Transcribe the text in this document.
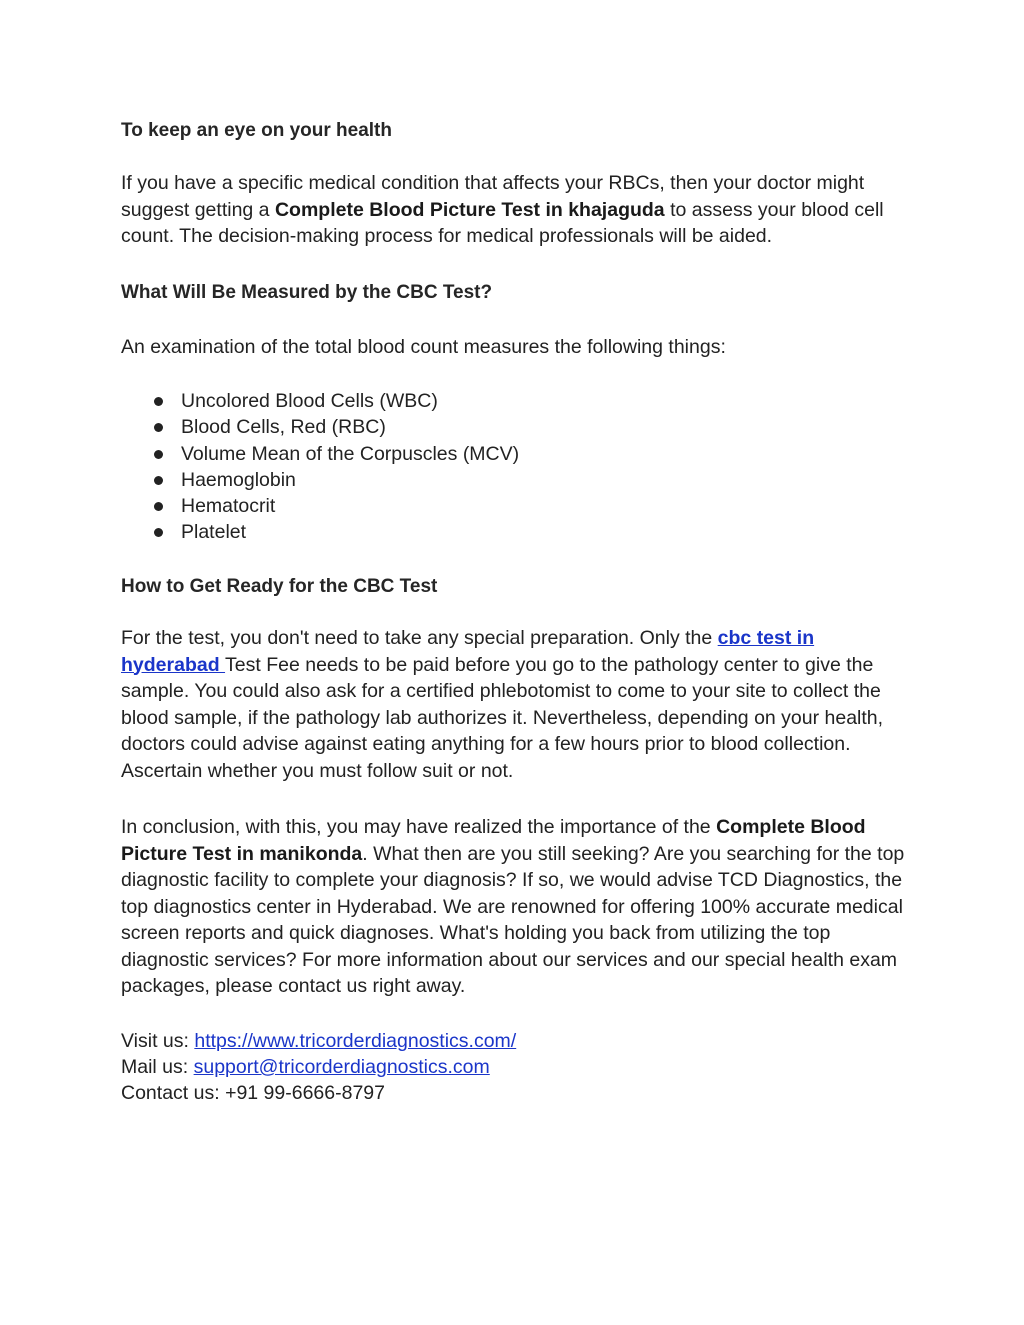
To keep an eye on your health
If you have a specific medical condition that affects your RBCs, then your doctor might suggest getting a Complete Blood Picture Test in khajaguda to assess your blood cell count. The decision-making process for medical professionals will be aided.
What Will Be Measured by the CBC Test?
An examination of the total blood count measures the following things:
Uncolored Blood Cells (WBC)
Blood Cells, Red (RBC)
Volume Mean of the Corpuscles (MCV)
Haemoglobin
Hematocrit
Platelet
How to Get Ready for the CBC Test
For the test, you don't need to take any special preparation. Only the cbc test in hyderabad Test Fee needs to be paid before you go to the pathology center to give the sample. You could also ask for a certified phlebotomist to come to your site to collect the blood sample, if the pathology lab authorizes it. Nevertheless, depending on your health, doctors could advise against eating anything for a few hours prior to blood collection. Ascertain whether you must follow suit or not.
In conclusion, with this, you may have realized the importance of the Complete Blood Picture Test in manikonda. What then are you still seeking? Are you searching for the top diagnostic facility to complete your diagnosis? If so, we would advise TCD Diagnostics, the top diagnostics center in Hyderabad. We are renowned for offering 100% accurate medical screen reports and quick diagnoses. What's holding you back from utilizing the top diagnostic services? For more information about our services and our special health exam packages, please contact us right away.
Visit us: https://www.tricorderdiagnostics.com/
Mail us: support@tricorderdiagnostics.com
Contact us: +91 99-6666-8797
